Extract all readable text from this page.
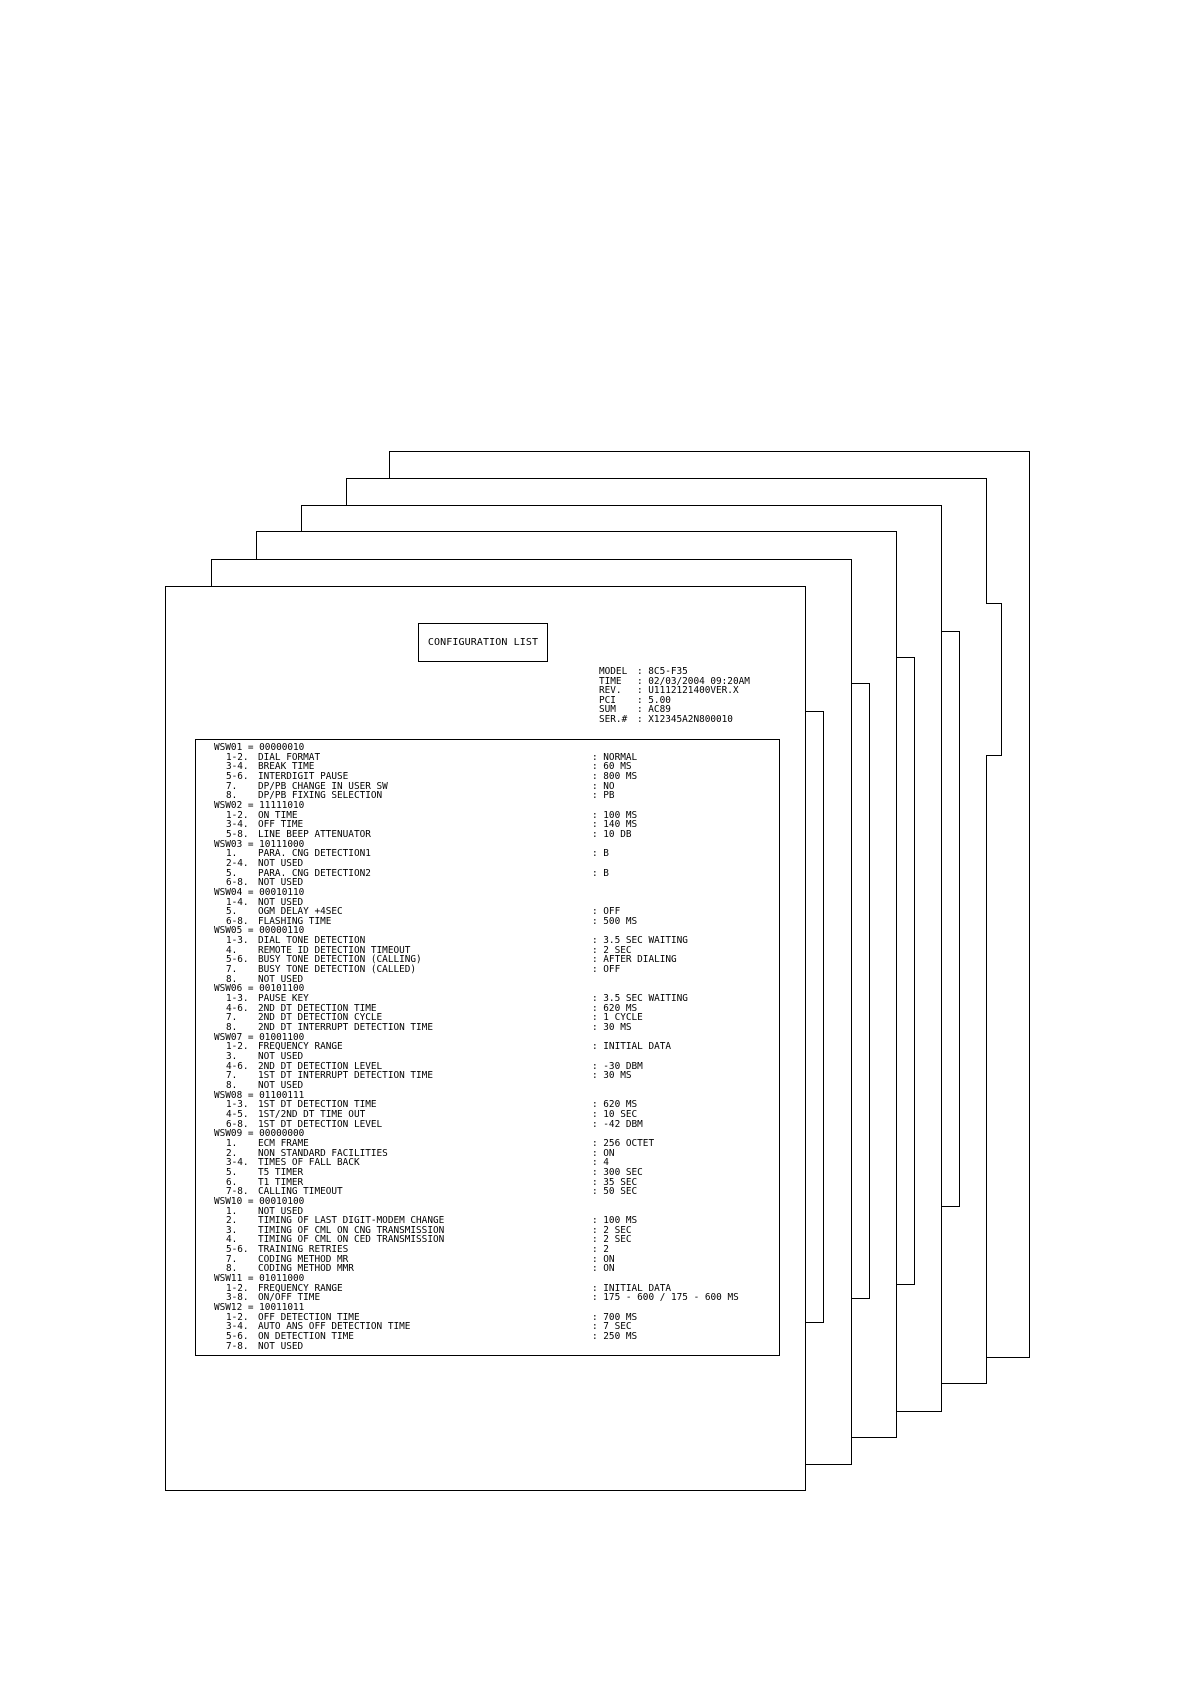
CONFIGURATION LIST
MODEL	: 8C5-F35
TIME	: 02/03/2004 09:20AM
REV.	: U1112121400VER.X
PCI	: 5.00
SUM	: AC89
SER.#	: X12345A2N800010
WSW01 = 00000010
1-2.	DIAL FORMAT	: NORMAL
3-4.	BREAK TIME	: 60 MS
5-6.	INTERDIGIT PAUSE	: 800 MS
7.	DP/PB CHANGE IN USER SW	: NO
8.	DP/PB FIXING SELECTION	: PB
WSW02 = 11111010
1-2.	ON TIME	: 100 MS
3-4.	OFF TIME	: 140 MS
5-8.	LINE BEEP ATTENUATOR	: 10 DB
WSW03 = 10111000
1.	PARA. CNG DETECTION1	: B
2-4.	NOT USED
5.	PARA. CNG DETECTION2	: B
6-8.	NOT USED
WSW04 = 00010110
1-4.	NOT USED
5.	OGM DELAY +4SEC	: OFF
6-8.	FLASHING TIME	: 500 MS
WSW05 = 00000110
1-3.	DIAL TONE DETECTION	: 3.5 SEC WAITING
4.	REMOTE ID DETECTION TIMEOUT	: 2 SEC
5-6.	BUSY TONE DETECTION (CALLING)	: AFTER DIALING
7.	BUSY TONE DETECTION (CALLED)	: OFF
8.	NOT USED
WSW06 = 00101100
1-3.	PAUSE KEY	: 3.5 SEC WAITING
4-6.	2ND DT DETECTION TIME	: 620 MS
7.	2ND DT DETECTION CYCLE	: 1 CYCLE
8.	2ND DT INTERRUPT DETECTION TIME	: 30 MS
WSW07 = 01001100
1-2.	FREQUENCY RANGE	: INITIAL DATA
3.	NOT USED
4-6.	2ND DT DETECTION LEVEL	: -30 DBM
7.	1ST DT INTERRUPT DETECTION TIME	: 30 MS
8.	NOT USED
WSW08 = 01100111
1-3.	1ST DT DETECTION TIME	: 620 MS
4-5.	1ST/2ND DT TIME OUT	: 10 SEC
6-8.	1ST DT DETECTION LEVEL	: -42 DBM
WSW09 = 00000000
1.	ECM FRAME	: 256 OCTET
2.	NON STANDARD FACILITIES	: ON
3-4.	TIMES OF FALL BACK	: 4
5.	T5 TIMER	: 300 SEC
6.	T1 TIMER	: 35 SEC
7-8.	CALLING TIMEOUT	: 50 SEC
WSW10 = 00010100
1.	NOT USED
2.	TIMING OF LAST DIGIT-MODEM CHANGE	: 100 MS
3.	TIMING OF CML ON CNG TRANSMISSION	: 2 SEC
4.	TIMING OF CML ON CED TRANSMISSION	: 2 SEC
5-6.	TRAINING RETRIES	: 2
7.	CODING METHOD MR	: ON
8.	CODING METHOD MMR	: ON
WSW11 = 01011000
1-2.	FREQUENCY RANGE	: INITIAL DATA
3-8.	ON/OFF TIME	: 175 - 600 / 175 - 600 MS
WSW12 = 10011011
1-2.	OFF DETECTION TIME	: 700 MS
3-4.	AUTO ANS OFF DETECTION TIME	: 7 SEC
5-6.	ON DETECTION TIME	: 250 MS
7-8.	NOT USED
